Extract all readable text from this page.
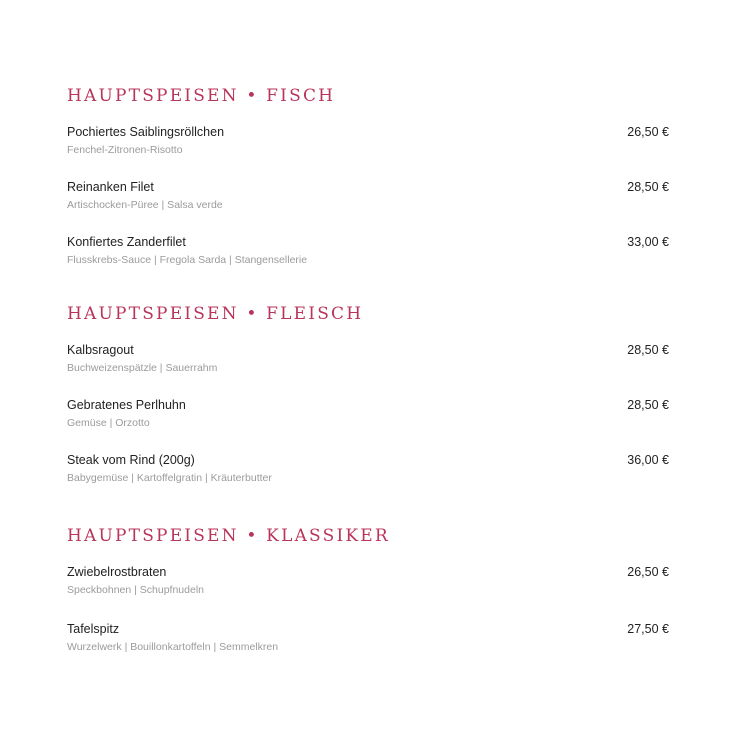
HAUPTSPEISEN • FISCH
Pochiertes Saiblingsröllchen
Fenchel-Zitronen-Risotto
26,50 €
Reinanken Filet
Artischocken-Püree | Salsa verde
28,50 €
Konfiertes Zanderfilet
Flusskrebs-Sauce | Fregola Sarda | Stangensellerie
33,00 €
HAUPTSPEISEN • FLEISCH
Kalbsragout
Buchweizenspätzle | Sauerrahm
28,50 €
Gebratenes Perlhuhn
Gemüse | Orzotto
28,50 €
Steak vom Rind (200g)
Babygemüse | Kartoffelgratin | Kräuterbutter
36,00 €
HAUPTSPEISEN • KLASSIKER
Zwiebelrostbraten
Speckbohnen | Schupfnudeln
26,50 €
Tafelspitz
Wurzelwerk | Bouillonkartoffeln | Semmelkren
27,50 €
